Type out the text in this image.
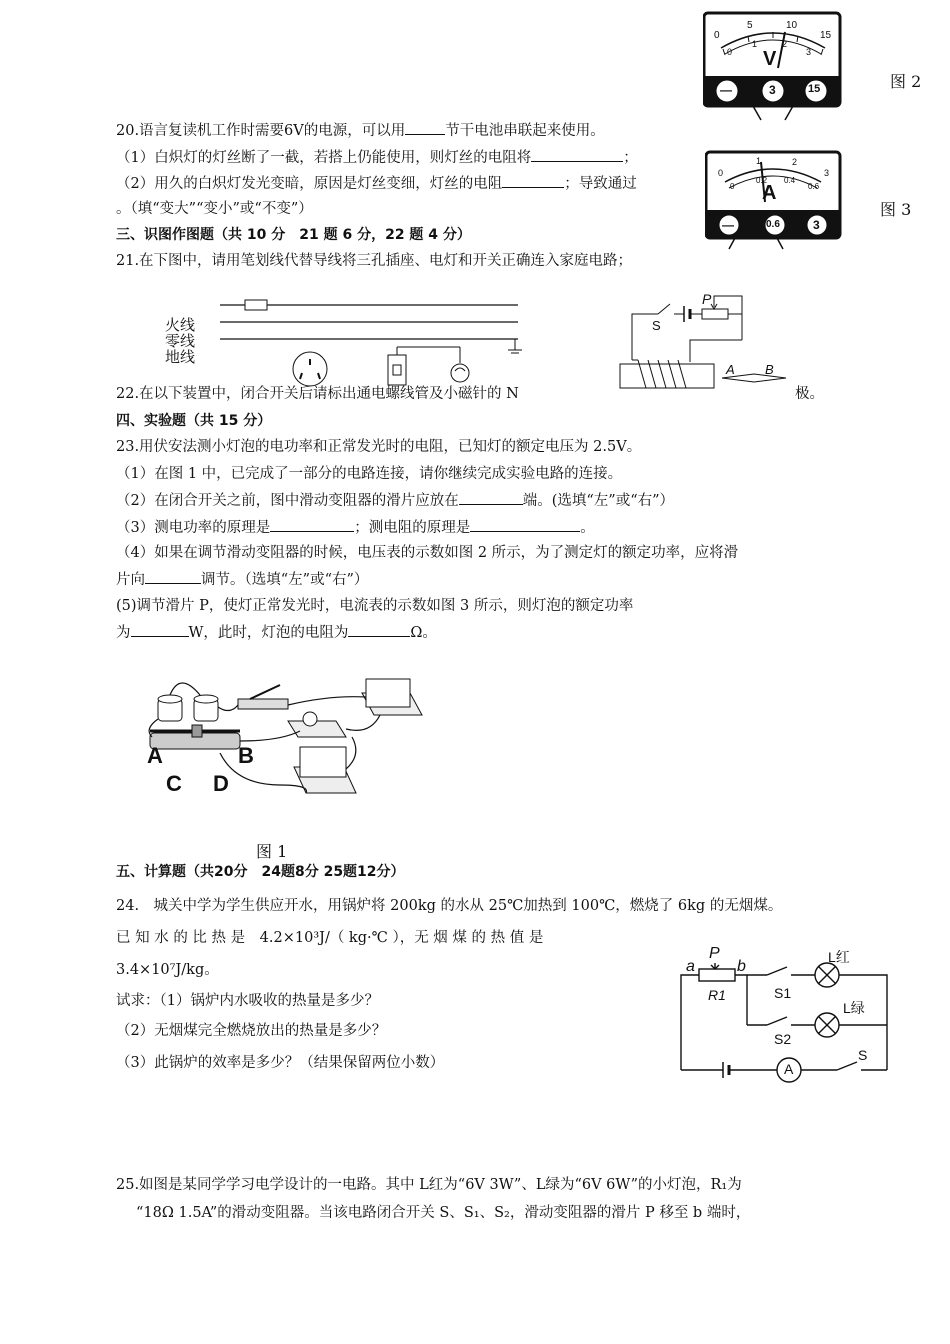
V
0
5	10
15
0
1	2
3
—	3	15	图 2
A
0
1	2
3
0
0.2 0.4
0.6
—	0.6	3
图 3
20.语言复读机工作时需要6V的电源，可以用	节干电池串联起来使用。
（1）白炽灯的灯丝断了一截，若搭上仍能使用，则灯丝的电阻将	；
（2）用久的白炽灯发光变暗，原因是灯丝变细，灯丝的电阻	；导致通过
。（填“变大”“变小”或“不变”）
三、识图作图题（共 10 分　21 题 6 分，22 题 4 分）
21.在下图中，请用笔划线代替导线将三孔插座、电灯和开关正确连入家庭电路；
火线
零线
地线
P
S
A B
22.在以下装置中，闭合开关后请标出通电螺线管及小磁针的 N	极。
四、实验题（共 15 分）
23.用伏安法测小灯泡的电功率和正常发光时的电阻，已知灯的额定电压为 2.5V。
（1）在图 1 中，已完成了一部分的电路连接，请你继续完成实验电路的连接。
（2）在闭合开关之前，图中滑动变阻器的滑片应放在	端。(选填“左”或“右”）
（3）测电功率的原理是	；测电阻的原理是	。
（4）如果在调节滑动变阻器的时候，电压表的示数如图 2 所示，为了测定灯的额定功率，应将滑
片向	调节。（选填“左”或“右”）
(5)调节滑片 P，使灯正常发光时，电流表的示数如图 3 所示，则灯泡的额定功率
为	W，此时，灯泡的电阻为	Ω。
A	B
C D
图 1
五、计算题（共20分　24题8分 25题12分）
24.　城关中学为学生供应开水，用锅炉将 200kg 的水从 25℃加热到 100℃，燃烧了 6kg 的无烟煤。
已 知 水 的 比 热 是　4.2×10³J/（ kg·℃ ），无 烟 煤 的 热 值 是
3.4×10⁷J/kg。
试求：（1）锅炉内水吸收的热量是多少？
（2）无烟煤完全燃烧放出的热量是多少？
（3）此锅炉的效率是多少？（结果保留两位小数）
a
P
b
R1	S1
S2
L红
L绿
S
A
25.如图是某同学学习电学设计的一电路。其中 L红为“6V 3W”、L绿为“6V 6W”的小灯泡，R₁为
“18Ω 1.5A”的滑动变阻器。当该电路闭合开关 S、S₁、S₂，滑动变阻器的滑片 P 移至 b 端时，
